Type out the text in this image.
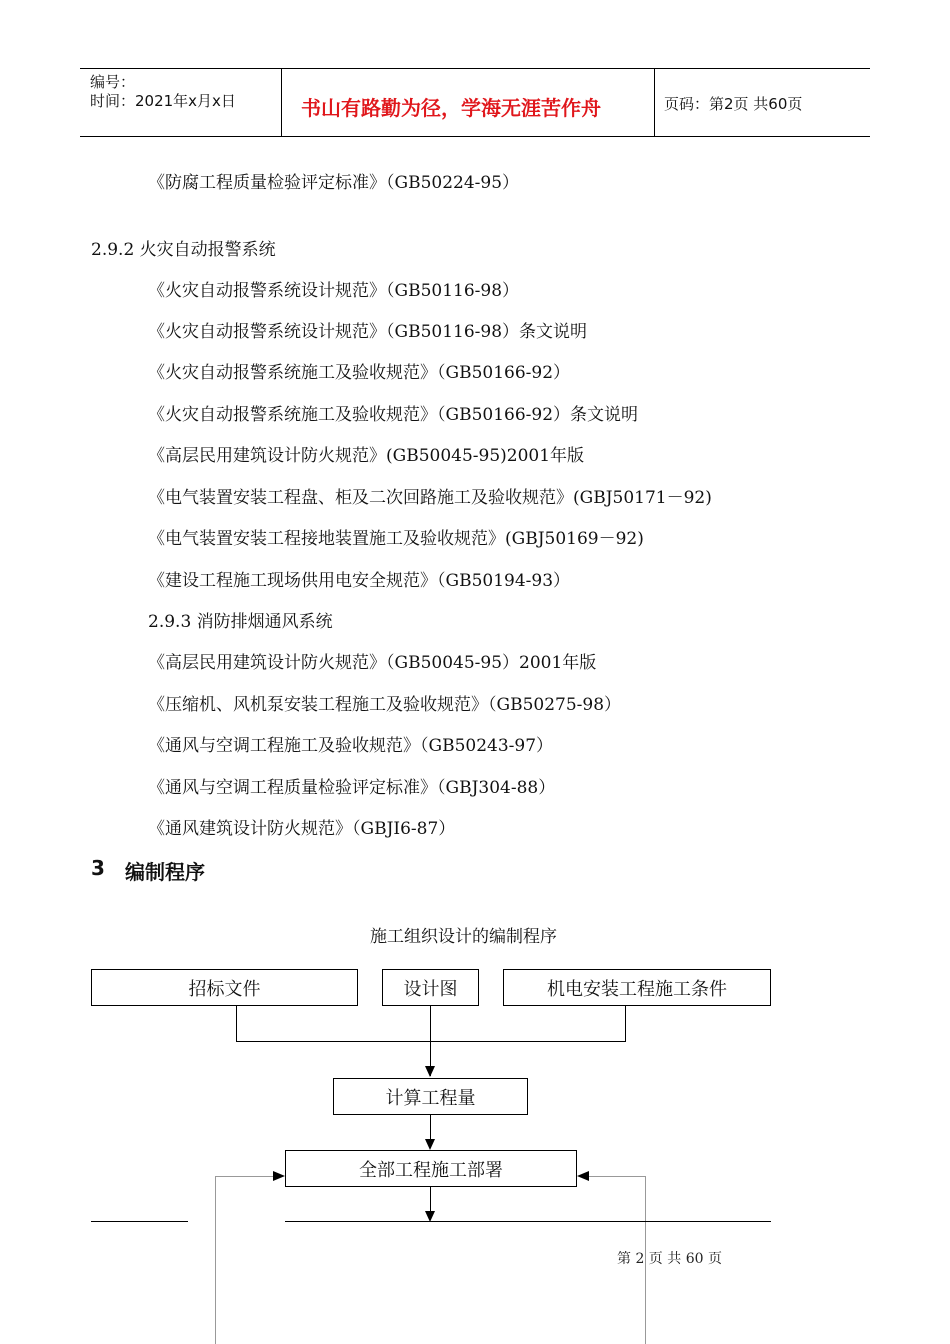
编号：
时间：2021年x月x日	书山有路勤为径，学海无涯苦作舟	页码：第2页 共60页
《防腐工程质量检验评定标准》（GB50224-95）
2.9.2 火灾自动报警系统
《火灾自动报警系统设计规范》（GB50116-98）
《火灾自动报警系统设计规范》（GB50116-98）条文说明
《火灾自动报警系统施工及验收规范》（GB50166-92）
《火灾自动报警系统施工及验收规范》（GB50166-92）条文说明
《高层民用建筑设计防火规范》(GB50045-95)2001年版
《电气装置安装工程盘、柜及二次回路施工及验收规范》(GBJ50171－92)
《电气装置安装工程接地装置施工及验收规范》(GBJ50169－92)
《建设工程施工现场供用电安全规范》（GB50194-93）
2.9.3 消防排烟通风系统
《高层民用建筑设计防火规范》（GB50045-95）2001年版
《压缩机、风机泵安装工程施工及验收规范》（GB50275-98）
《通风与空调工程施工及验收规范》（GB50243-97）
《通风与空调工程质量检验评定标准》（GBJ304-88）
《通风建筑设计防火规范》（GBJI6-87）
3 编制程序
施工组织设计的编制程序
招标文件	设计图	机电安装工程施工条件
计算工程量
全部工程施工部署
第 2 页 共 60 页
